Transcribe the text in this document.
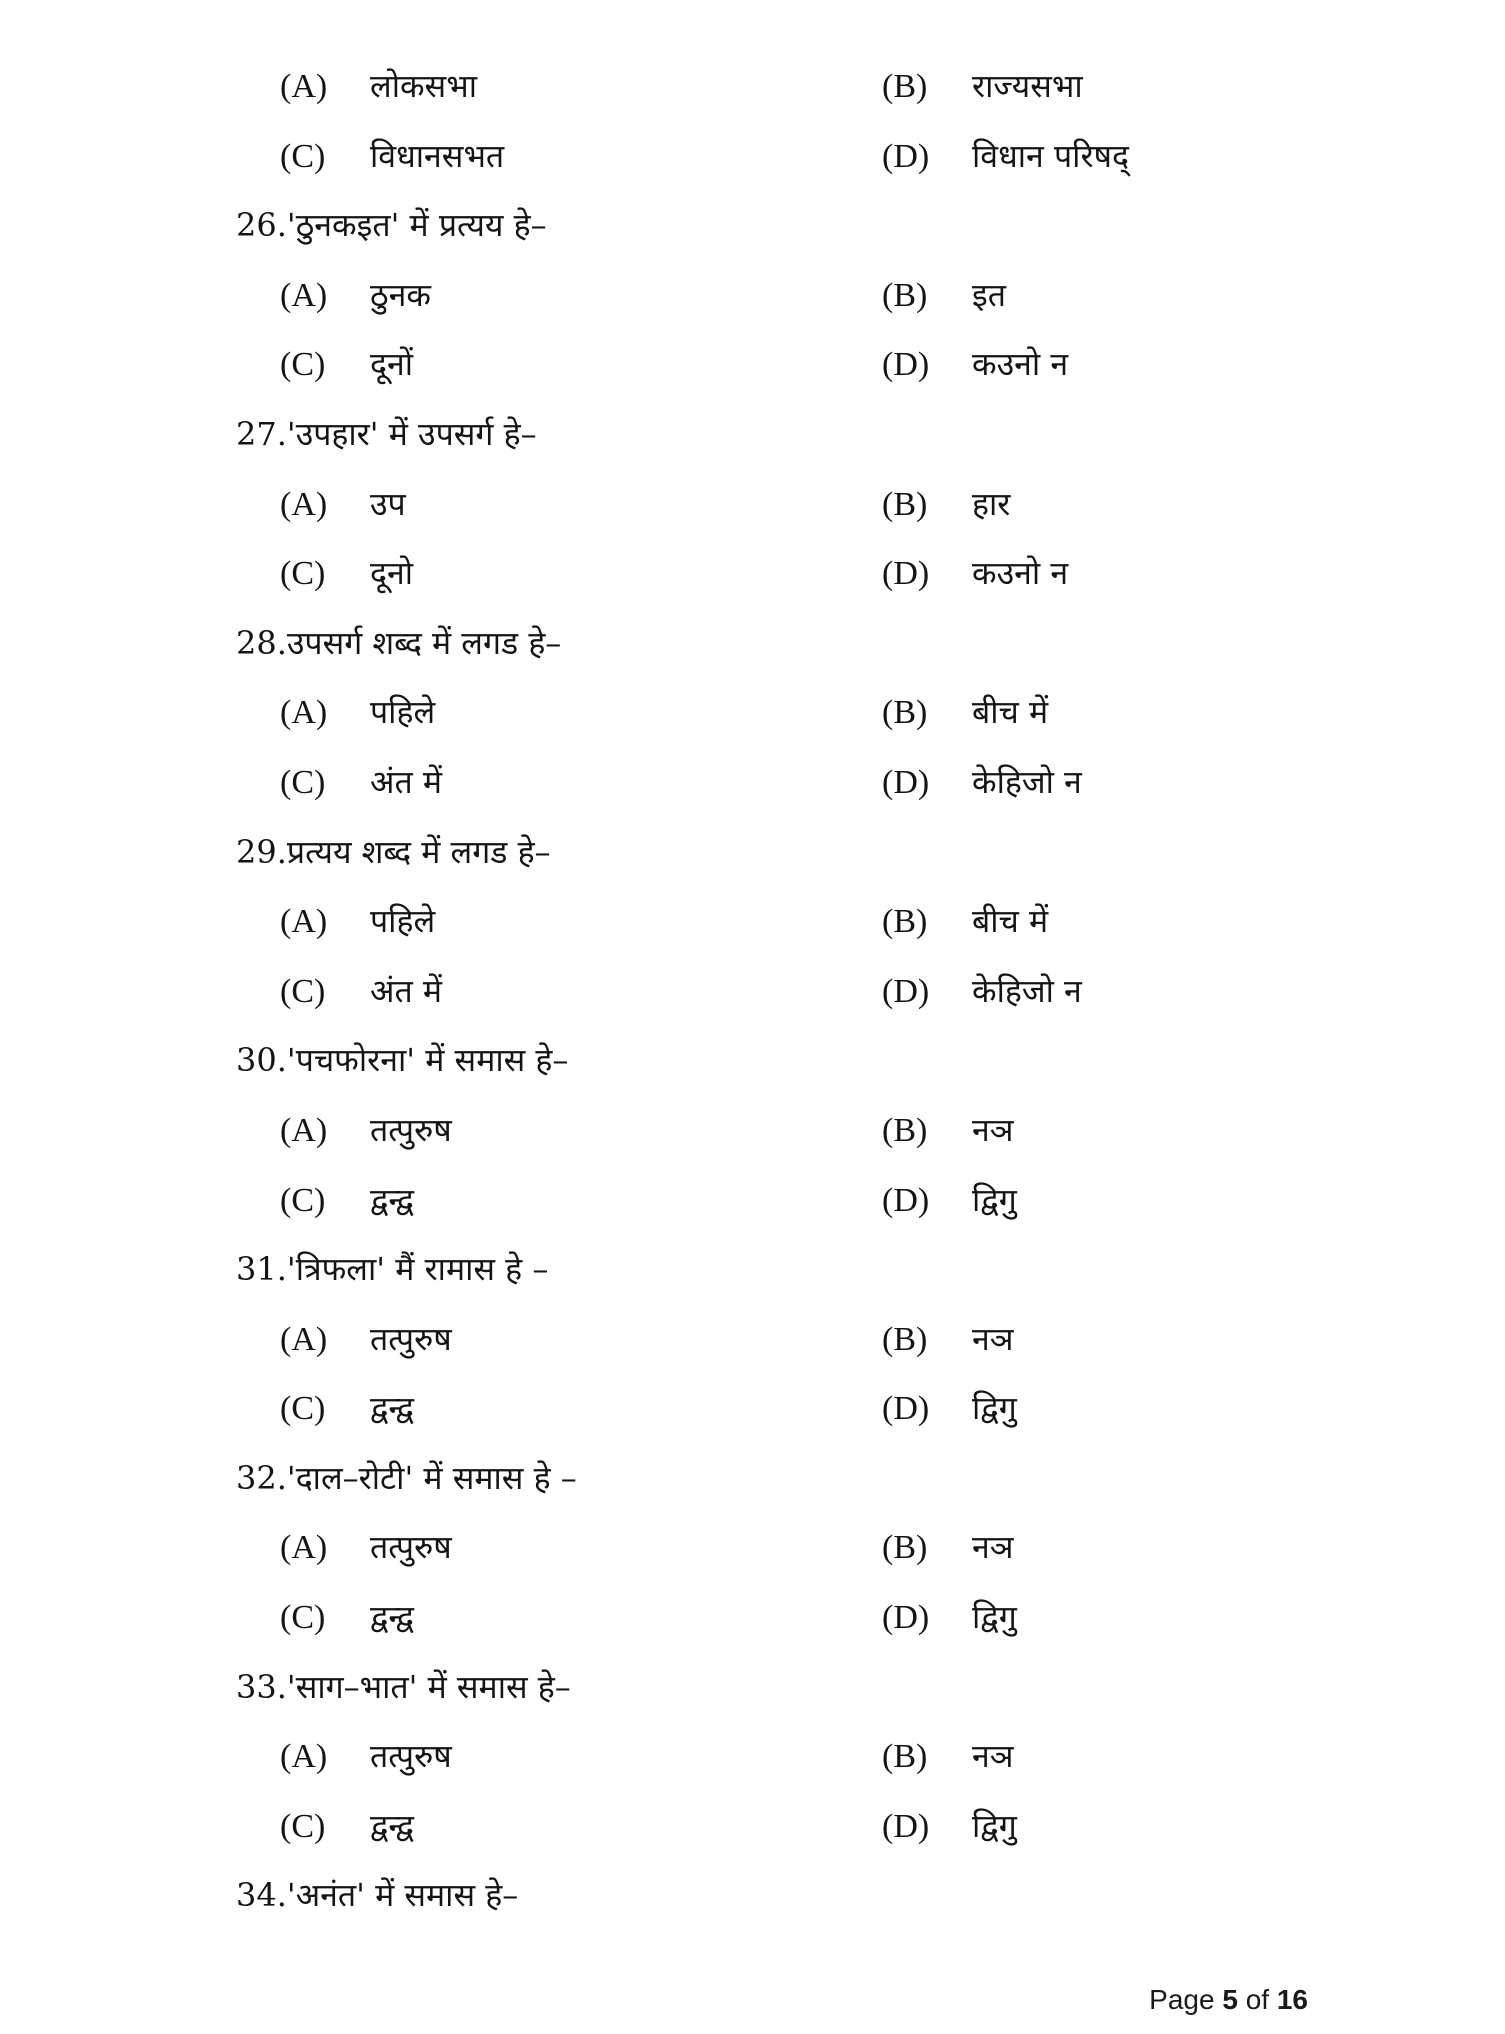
(A) लोकसभा	(B) राज्यसभा
(C) विधानसभत	(D) विधान परिषद्
26.'ठुनकइत' में प्रत्यय हे–
(A) ठुनक	(B) इत
(C) दूनों	(D) कउनो न
27.'उपहार' में उपसर्ग हे–
(A) उप	(B) हार
(C) दूनो	(D) कउनो न
28.उपसर्ग शब्द में लगड हे–
(A) पहिले	(B) बीच में
(C) अंत में	(D) केहिजो न
29.प्रत्यय शब्द में लगड हे–
(A) पहिले	(B) बीच में
(C) अंत में	(D) केहिजो न
30.'पचफोरना' में समास हे–
(A) तत्पुरुष	(B) नञ
(C) द्वन्द्व	(D) द्विगु
31.'त्रिफला' मैं रामास हे –
(A) तत्पुरुष	(B) नञ
(C) द्वन्द्व	(D) द्विगु
32.'दाल–रोटी' में समास हे –
(A) तत्पुरुष	(B) नञ
(C) द्वन्द्व	(D) द्विगु
33.'साग–भात' में समास हे–
(A) तत्पुरुष	(B) नञ
(C) द्वन्द्व	(D) द्विगु
34.'अनंत' में समास हे–
Page 5 of 16
